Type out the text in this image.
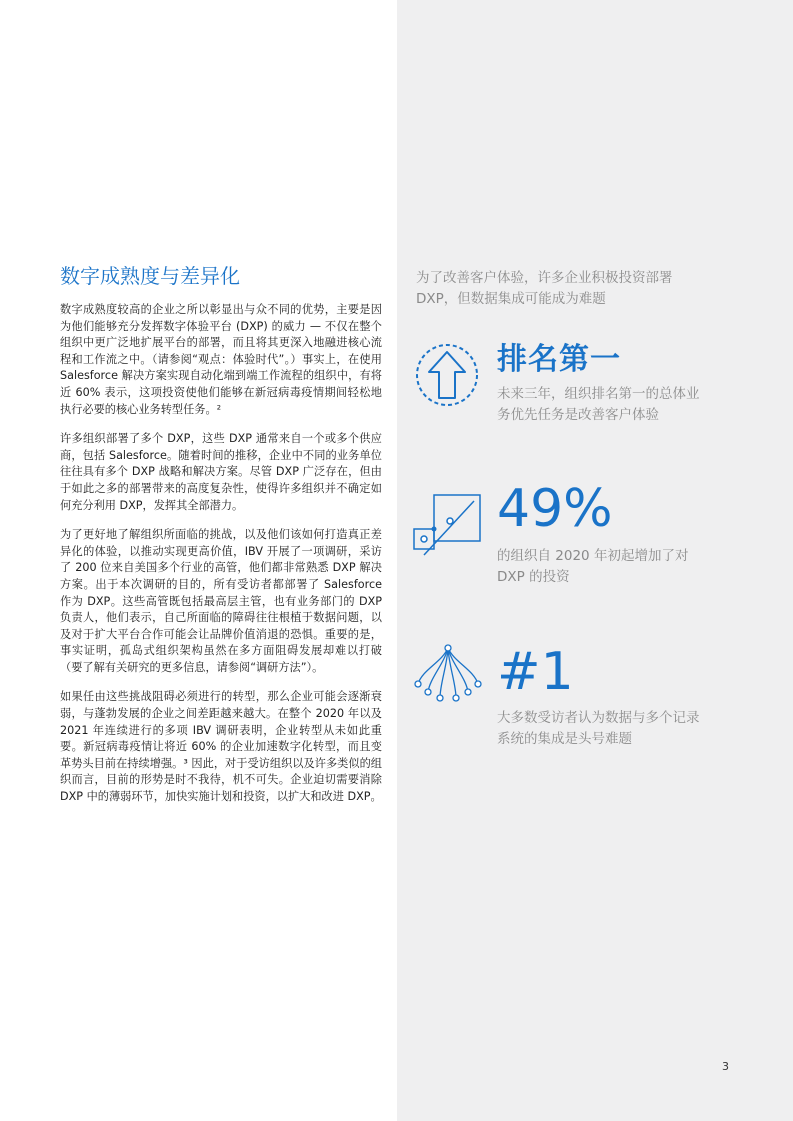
数字成熟度与差异化

数字成熟度较高的企业之所以彰显出与众不同的优势，主要是因为他们能够充分发挥数字体验平台 (DXP) 的威力 — 不仅在整个组织中更广泛地扩展平台的部署，而且将其更深入地融进核心流程和工作流之中。（请参阅“观点：体验时代”。）事实上，在使用 Salesforce 解决方案实现自动化端到端工作流程的组织中，有将近 60% 表示，这项投资使他们能够在新冠病毒疫情期间轻松地执行必要的核心业务转型任务。²

许多组织部署了多个 DXP，这些 DXP 通常来自一个或多个供应商，包括 Salesforce。随着时间的推移，企业中不同的业务单位往往具有多个 DXP 战略和解决方案。尽管 DXP 广泛存在，但由于如此之多的部署带来的高度复杂性，使得许多组织并不确定如何充分利用 DXP，发挥其全部潜力。

为了更好地了解组织所面临的挑战，以及他们该如何打造真正差异化的体验，以推动实现更高价值，IBV 开展了一项调研，采访了 200 位来自美国多个行业的高管，他们都非常熟悉 DXP 解决方案。出于本次调研的目的，所有受访者都部署了 Salesforce 作为 DXP。这些高管既包括最高层主管，也有业务部门的 DXP 负责人，他们表示，自己所面临的障碍往往根植于数据问题，以及对于扩大平台合作可能会让品牌价值消退的恐惧。重要的是，事实证明，孤岛式组织架构虽然在多方面阻碍发展却难以打破（要了解有关研究的更多信息，请参阅“调研方法”）。

如果任由这些挑战阻碍必须进行的转型，那么企业可能会逐渐衰弱，与蓬勃发展的企业之间差距越来越大。在整个 2020 年以及 2021 年连续进行的多项 IBV 调研表明，企业转型从未如此重要。新冠病毒疫情让将近 60% 的企业加速数字化转型，而且变革势头目前在持续增强。³ 因此，对于受访组织以及许多类似的组织而言，目前的形势是时不我待，机不可失。企业迫切需要消除 DXP 中的薄弱环节，加快实施计划和投资，以扩大和改进 DXP。

为了改善客户体验，许多企业积极投资部署 DXP，但数据集成可能成为难题
排名第一
未来三年，组织排名第一的总体业务优先任务是改善客户体验
49%
的组织自 2020 年初起增加了对 DXP 的投资
#1
大多数受访者认为数据与多个记录系统的集成是头号难题
3
